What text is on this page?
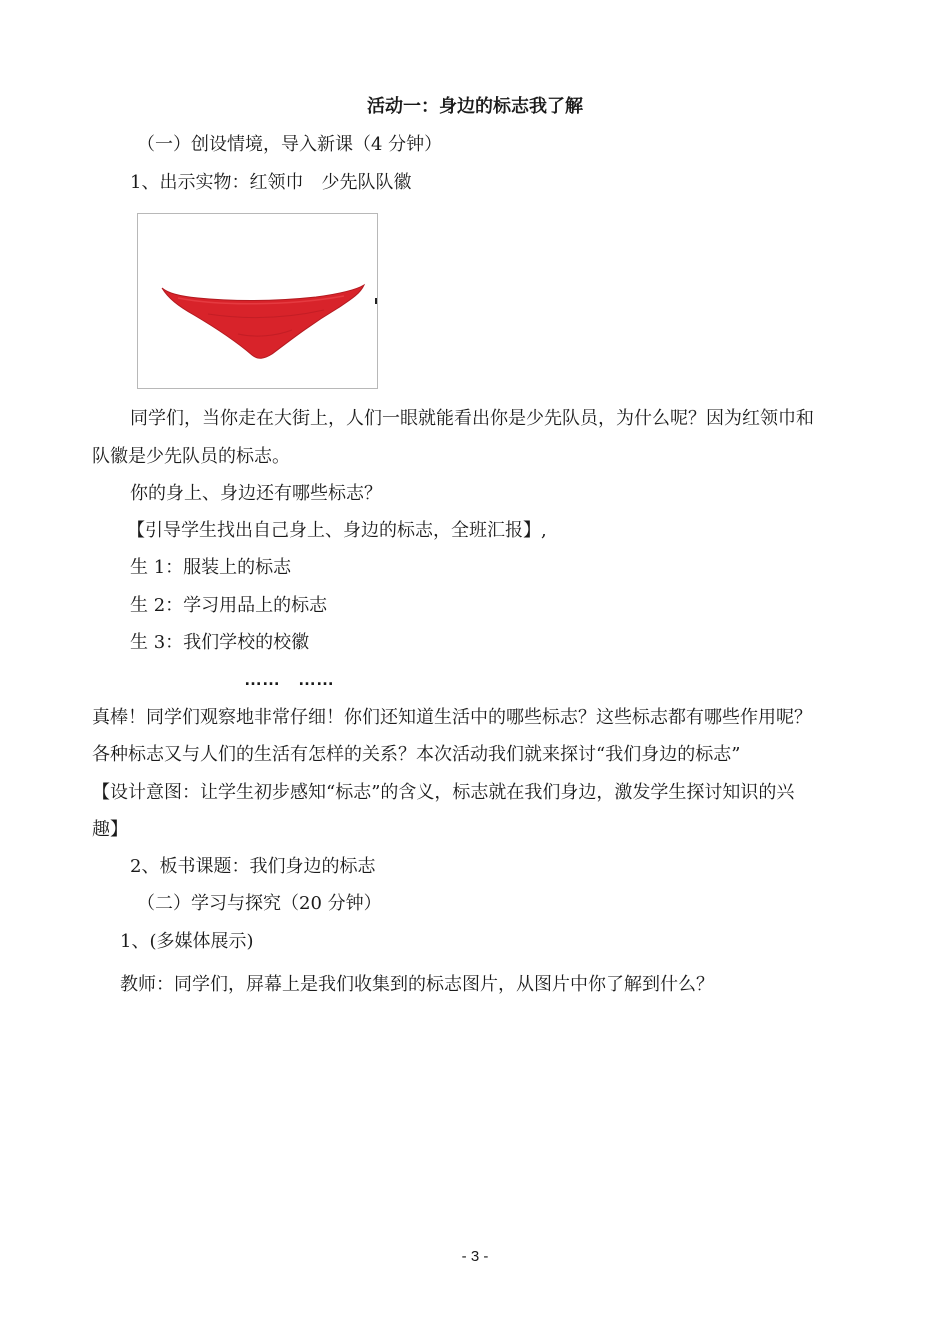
活动一：身边的标志我了解
（一）创设情境，导入新课（4 分钟）
1、出示实物：红领巾　少先队队徽
同学们，当你走在大街上，人们一眼就能看出你是少先队员，为什么呢？因为红领巾和
队徽是少先队员的标志。
你的身上、身边还有哪些标志？
【引导学生找出自己身上、身边的标志，全班汇报】,
生 1：服装上的标志
生 2：学习用品上的标志
生 3：我们学校的校徽
……　……
真棒！同学们观察地非常仔细！你们还知道生活中的哪些标志？这些标志都有哪些作用呢？
各种标志又与人们的生活有怎样的关系？本次活动我们就来探讨“我们身边的标志”
【设计意图：让学生初步感知“标志”的含义，标志就在我们身边，激发学生探讨知识的兴
趣】
2、板书课题：我们身边的标志
（二）学习与探究（20 分钟）
1、(多媒体展示)
教师：同学们，屏幕上是我们收集到的标志图片，从图片中你了解到什么？
- 3 -
